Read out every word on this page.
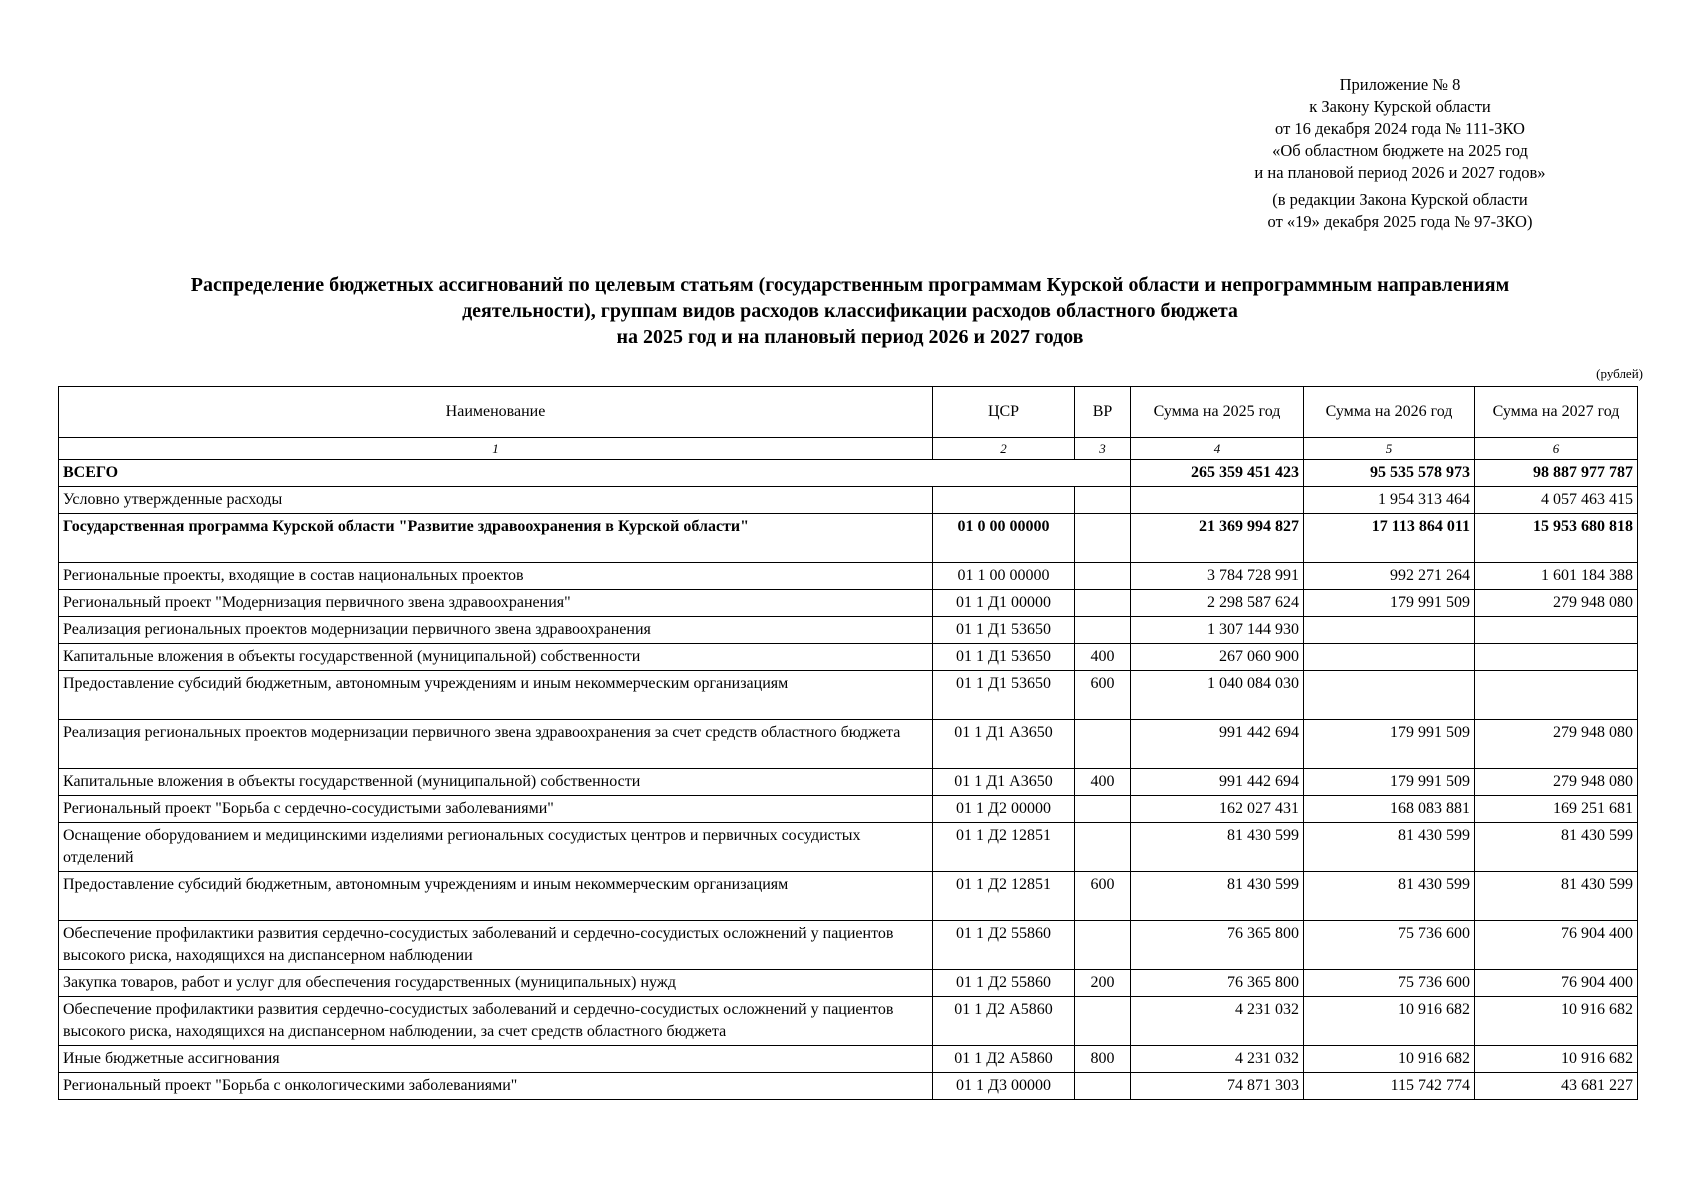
Приложение № 8
к Закону Курской области
от 16 декабря 2024 года № 111-ЗКО
«Об областном бюджете на 2025 год
и на плановой период 2026 и 2027 годов»
(в редакции Закона Курской области
от «19» декабря 2025 года № 97-ЗКО)
Распределение бюджетных ассигнований по целевым статьям (государственным программам Курской области и непрограммным направлениям
деятельности), группам видов расходов классификации расходов областного бюджета
на 2025 год и на плановый период 2026 и 2027 годов
(рублей)
Наименование	ЦСР	ВР	Сумма на 2025 год	Сумма на 2026 год	Сумма на 2027 год
1	2	3	4	5	6
ВСЕГО			265 359 451 423	95 535 578 973	98 887 977 787
Условно утвержденные расходы				1 954 313 464	4 057 463 415
Государственная программа Курской области "Развитие здравоохранения в Курской области"	01 0 00 00000		21 369 994 827	17 113 864 011	15 953 680 818
Региональные проекты, входящие в состав национальных проектов	01 1 00 00000		3 784 728 991	992 271 264	1 601 184 388
Региональный проект "Модернизация первичного звена здравоохранения"	01 1 Д1 00000		2 298 587 624	179 991 509	279 948 080
Реализация региональных проектов модернизации первичного звена здравоохранения	01 1 Д1 53650		1 307 144 930		
Капитальные вложения в объекты государственной (муниципальной) собственности	01 1 Д1 53650	400	267 060 900		
Предоставление субсидий бюджетным, автономным учреждениям и иным некоммерческим организациям	01 1 Д1 53650	600	1 040 084 030		
Реализация региональных проектов модернизации первичного звена здравоохранения за счет средств областного бюджета	01 1 Д1 А3650		991 442 694	179 991 509	279 948 080
Капитальные вложения в объекты государственной (муниципальной) собственности	01 1 Д1 А3650	400	991 442 694	179 991 509	279 948 080
Региональный проект "Борьба с сердечно-сосудистыми заболеваниями"	01 1 Д2 00000		162 027 431	168 083 881	169 251 681
Оснащение оборудованием и медицинскими изделиями региональных сосудистых центров и первичных сосудистых отделений	01 1 Д2 12851		81 430 599	81 430 599	81 430 599
Предоставление субсидий бюджетным, автономным учреждениям и иным некоммерческим организациям	01 1 Д2 12851	600	81 430 599	81 430 599	81 430 599
Обеспечение профилактики развития сердечно-сосудистых заболеваний и сердечно-сосудистых осложнений у пациентов высокого риска, находящихся на диспансерном наблюдении	01 1 Д2 55860		76 365 800	75 736 600	76 904 400
Закупка товаров, работ и услуг для обеспечения государственных (муниципальных) нужд	01 1 Д2 55860	200	76 365 800	75 736 600	76 904 400
Обеспечение профилактики развития сердечно-сосудистых заболеваний и сердечно-сосудистых осложнений у пациентов высокого риска, находящихся на диспансерном наблюдении, за счет средств областного бюджета	01 1 Д2 А5860		4 231 032	10 916 682	10 916 682
Иные бюджетные ассигнования	01 1 Д2 А5860	800	4 231 032	10 916 682	10 916 682
Региональный проект "Борьба с онкологическими заболеваниями"	01 1 Д3 00000		74 871 303	115 742 774	43 681 227
